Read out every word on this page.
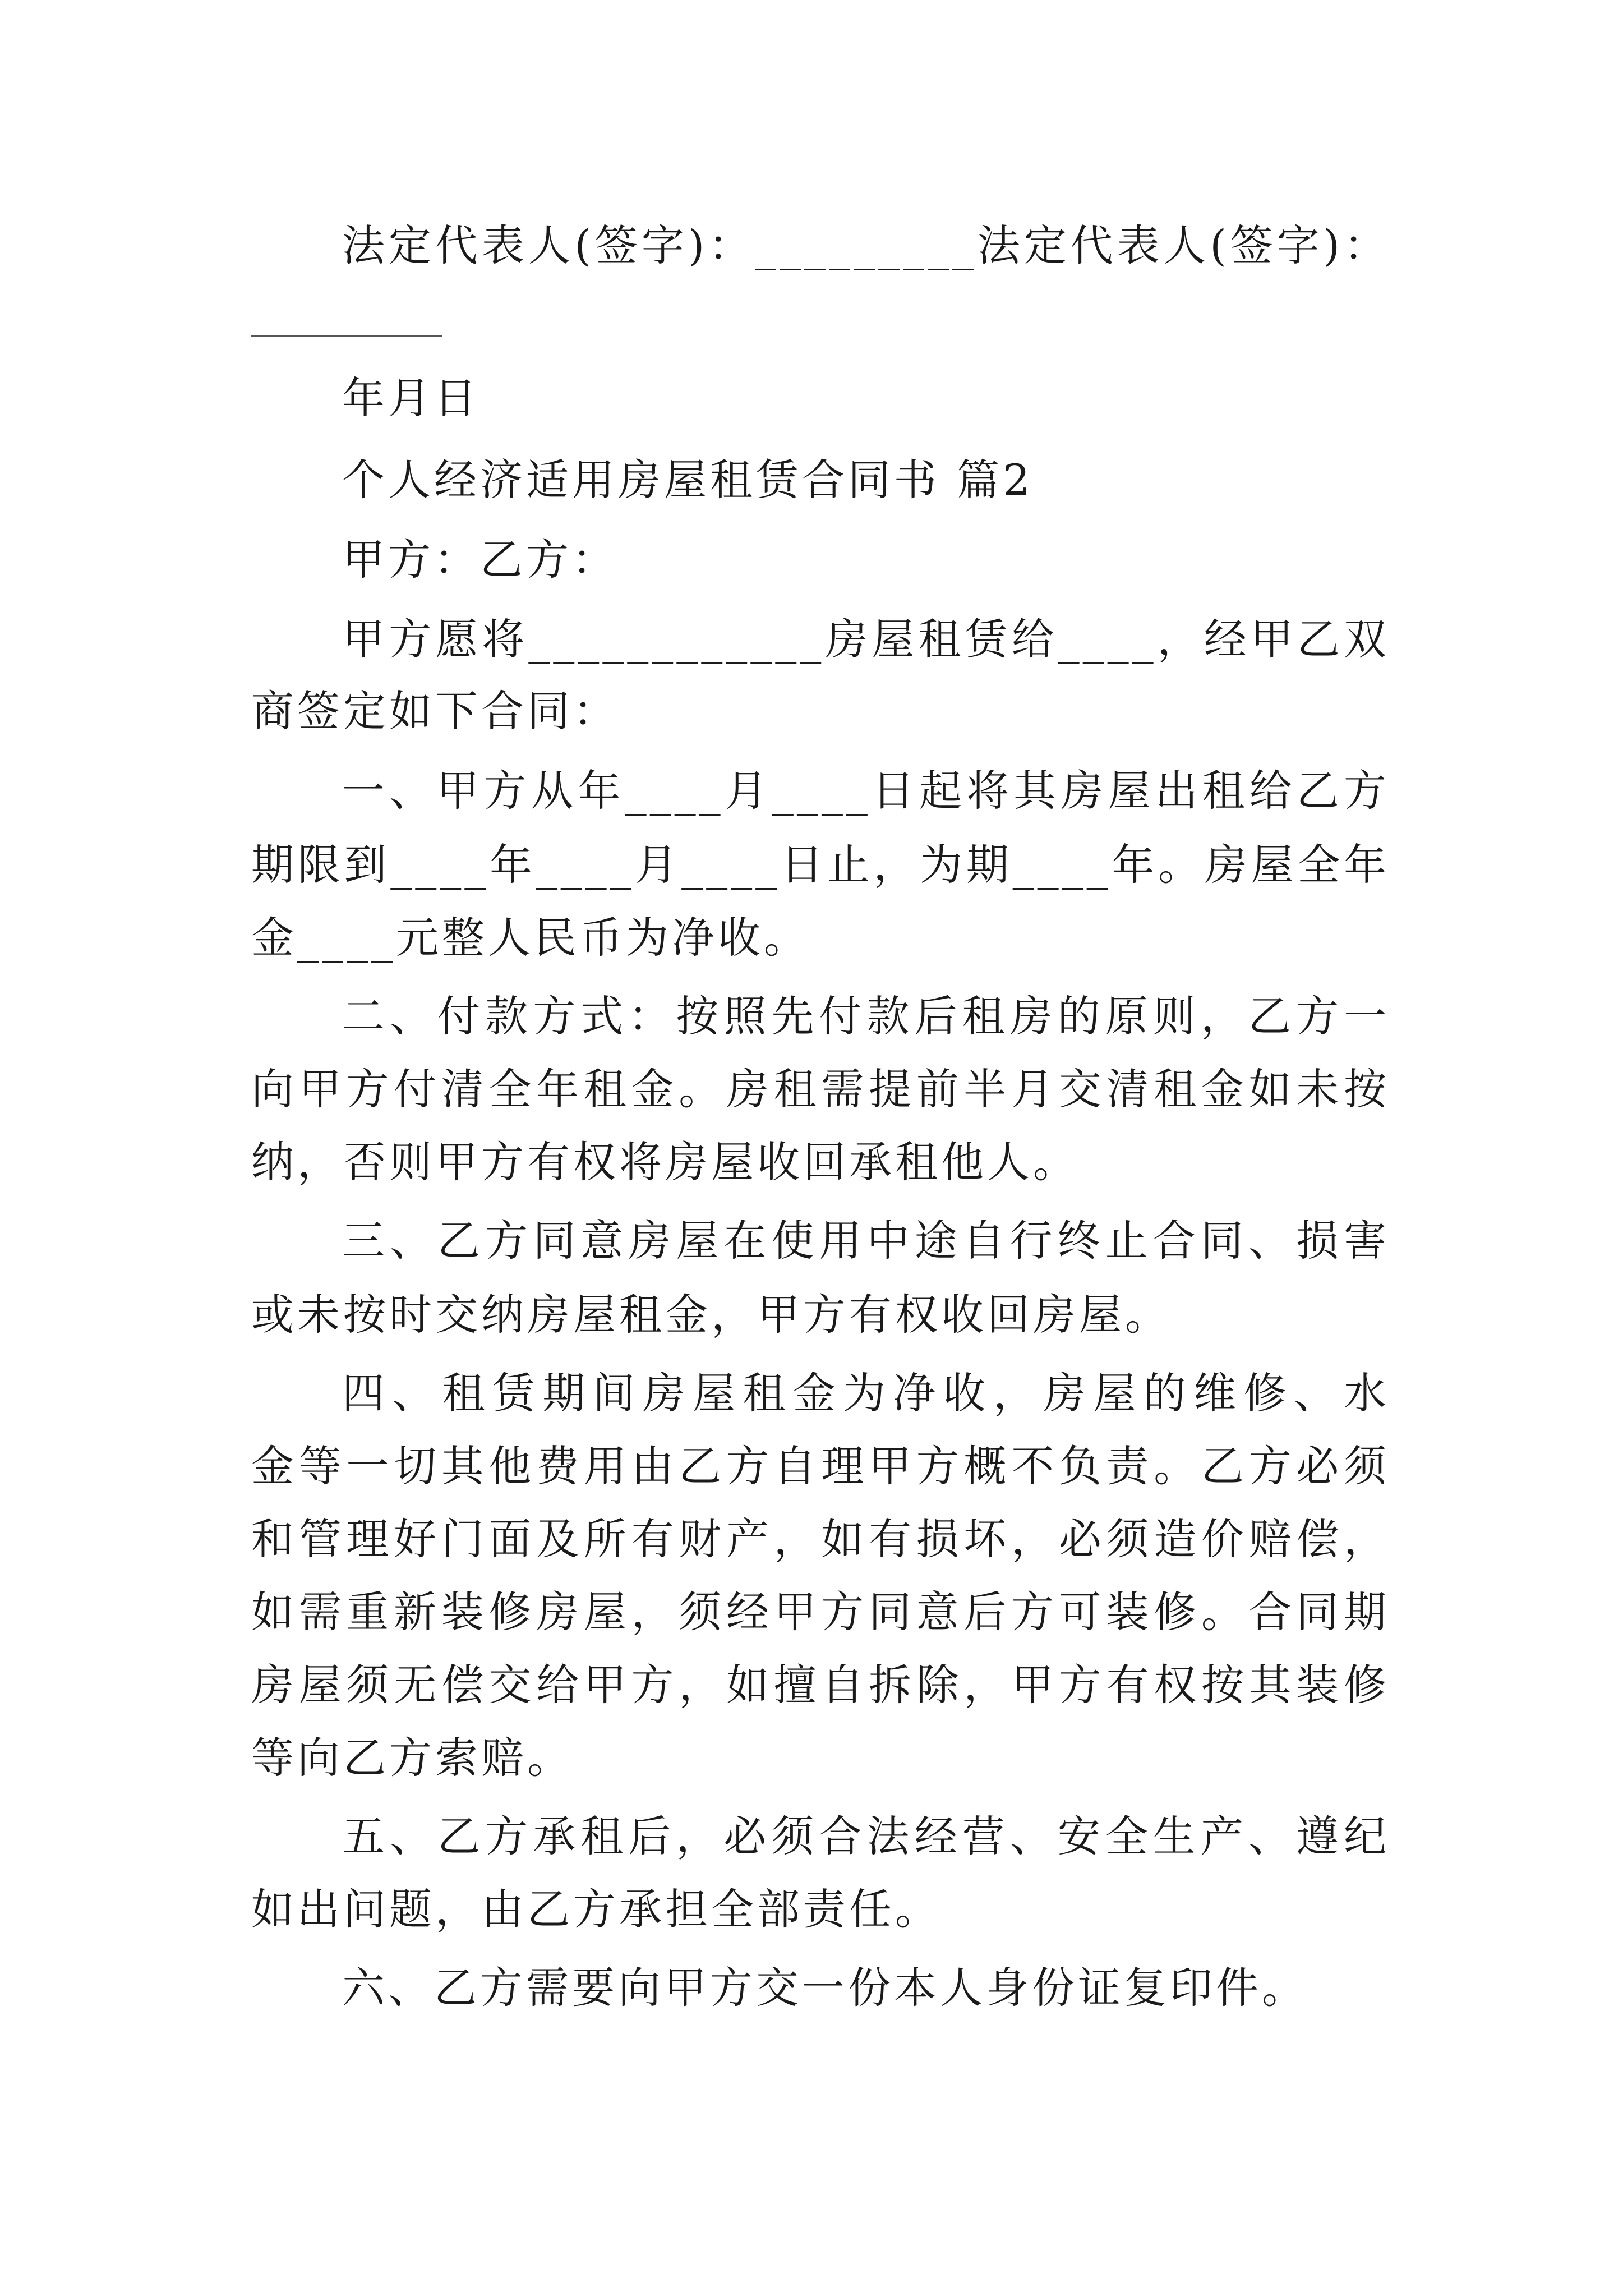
法定代表人(签字)：_________法定代表人(签字)：
年月日
个人经济适用房屋租赁合同书 篇2
甲方：乙方：
甲方愿将____________房屋租赁给____，经甲乙双
商签定如下合同：
一、甲方从年____月____日起将其房屋出租给乙方
期限到____年____月____日止，为期____年。房屋全年
金____元整人民币为净收。
二、付款方式：按照先付款后租房的原则，乙方一
向甲方付清全年租金。房租需提前半月交清租金如未按
纳，否则甲方有权将房屋收回承租他人。
三、乙方同意房屋在使用中途自行终止合同、损害
或未按时交纳房屋租金，甲方有权收回房屋。
四、租赁期间房屋租金为净收，房屋的维修、水
金等一切其他费用由乙方自理甲方概不负责。乙方必须
和管理好门面及所有财产，如有损坏，必须造价赔偿，
如需重新装修房屋，须经甲方同意后方可装修。合同期
房屋须无偿交给甲方，如擅自拆除，甲方有权按其装修
等向乙方索赔。
五、乙方承租后，必须合法经营、安全生产、遵纪
如出问题，由乙方承担全部责任。
六、乙方需要向甲方交一份本人身份证复印件。
